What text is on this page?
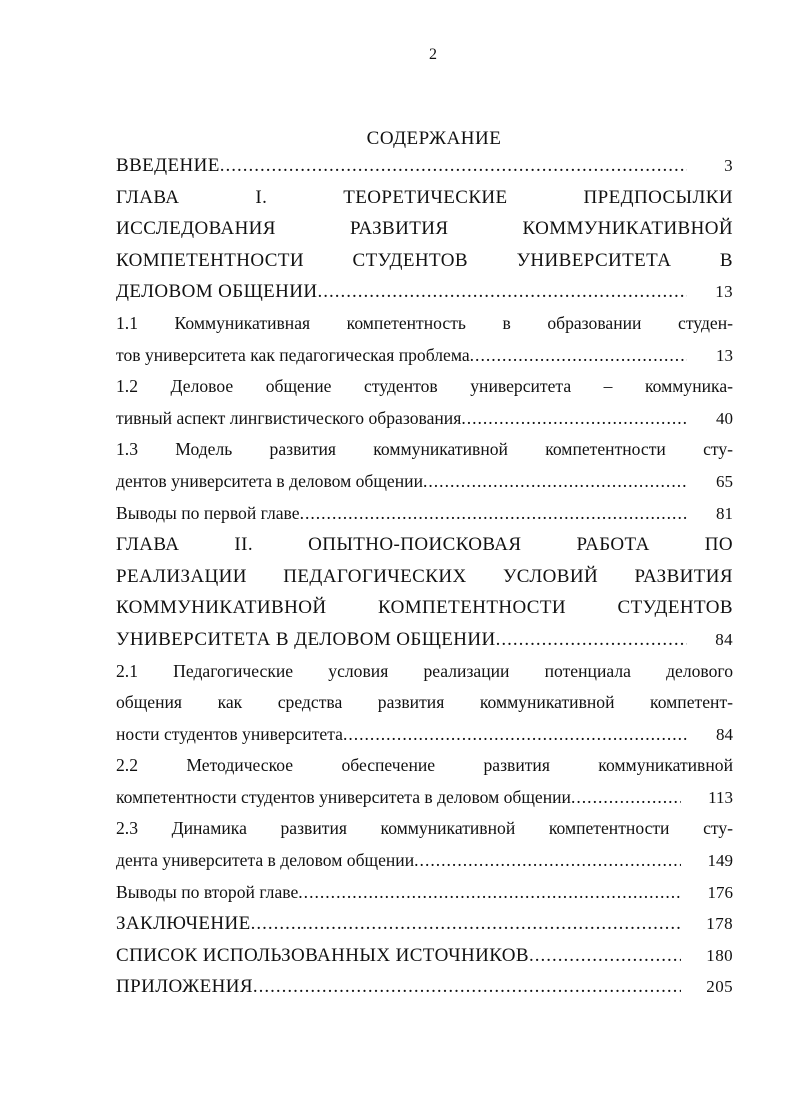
2
СОДЕРЖАНИЕ
ВВЕДЕНИЕ .....	3
ГЛАВА I. ТЕОРЕТИЧЕСКИЕ ПРЕДПОСЫЛКИ
ИССЛЕДОВАНИЯ РАЗВИТИЯ КОММУНИКАТИВНОЙ
КОМПЕТЕНТНОСТИ СТУДЕНТОВ УНИВЕРСИТЕТА В
ДЕЛОВОМ ОБЩЕНИИ .....	13
1.1 Коммуникативная компетентность в образовании студен-
тов университета как педагогическая проблема .....	13
1.2 Деловое общение студентов университета – коммуника-
тивный аспект лингвистического образования .....	40
1.3 Модель развития коммуникативной компетентности сту-
дентов университета в деловом общении .....	65
Выводы по первой главе .....	81
ГЛАВА II. ОПЫТНО-ПОИСКОВАЯ РАБОТА ПО
РЕАЛИЗАЦИИ ПЕДАГОГИЧЕСКИХ УСЛОВИЙ РАЗВИТИЯ
КОММУНИКАТИВНОЙ КОМПЕТЕНТНОСТИ СТУДЕНТОВ
УНИВЕРСИТЕТА В ДЕЛОВОМ ОБЩЕНИИ .....	84
2.1 Педагогические условия реализации потенциала делового
общения как средства развития коммуникативной компетент-
ности студентов университета .....	84
2.2 Методическое обеспечение развития коммуникативной
компетентности студентов университета в деловом общении .....	113
2.3 Динамика развития коммуникативной компетентности сту-
дента университета в деловом общении .....	149
Выводы по второй главе .....	176
ЗАКЛЮЧЕНИЕ .....	178
СПИСОК ИСПОЛЬЗОВАННЫХ ИСТОЧНИКОВ .....	180
ПРИЛОЖЕНИЯ .....	205
